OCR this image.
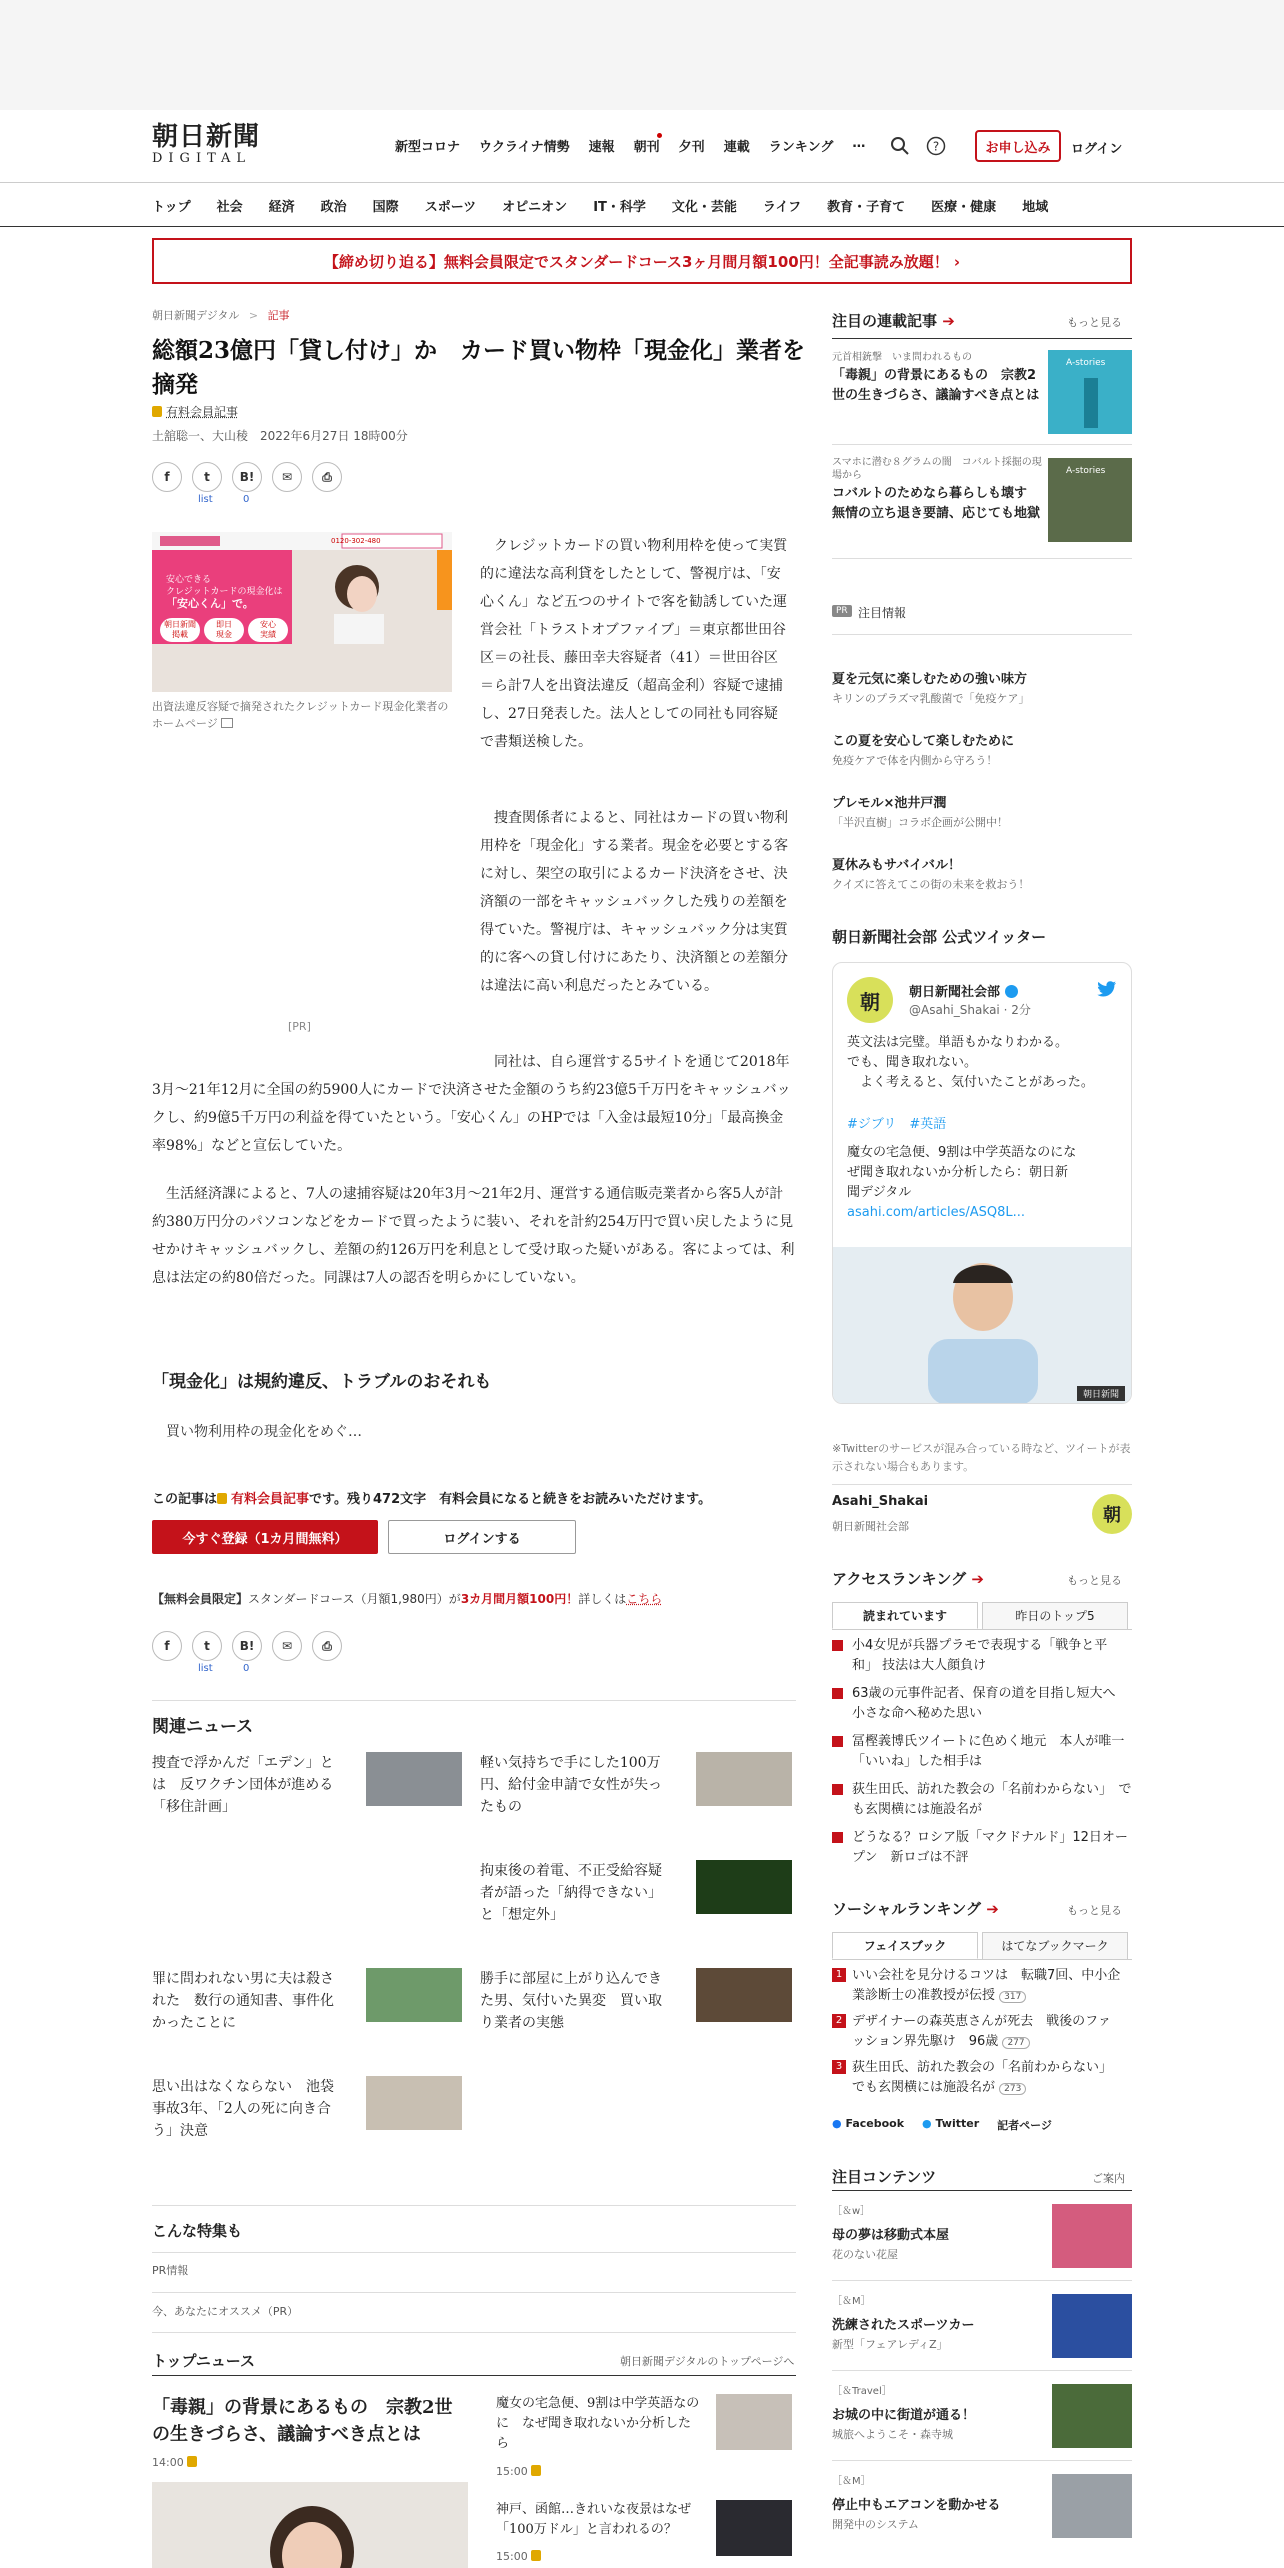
朝日新聞
DIGITAL
新型コロナ ウクライナ情勢 速報 朝刊 夕刊 連載 ランキング …	?	お申し込み	ログイン
トップ 社会 経済 政治 国際 スポーツ オピニオン IT・科学 文化・芸能 ライフ 教育・子育て 医療・健康 地域
【締め切り迫る】無料会員限定でスタンダードコース3ヶ月間月額100円！全記事読み放題！ ›
朝日新聞デジタル > 記事
総額23億円「貸し付け」か　カード買い物枠「現金化」業者を摘発
有料会員記事
土舘聡一、大山稜　2022年6月27日 18時00分
f	t	B!	✉	⎙
list	0
安心できる
クレジットカードの現金化は
「安心くん」で。
朝日新聞
掲載
即日
現金
安心
実績
0120-302-480
出資法違反容疑で摘発されたクレジットカード現金化業者のホームページ
[PR]
　クレジットカードの買い物利用枠を使って実質的に違法な高利貸をしたとして、警視庁は、「安心くん」など五つのサイトで客を勧誘していた運営会社「トラストオブファイブ」＝東京都世田谷区＝の社長、藤田幸夫容疑者（41）＝世田谷区＝ら計7人を出資法違反（超高金利）容疑で逮捕し、27日発表した。法人としての同社も同容疑で書類送検した。
　捜査関係者によると、同社はカードの買い物利用枠を「現金化」する業者。現金を必要とする客に対し、架空の取引によるカード決済をさせ、決済額の一部をキャッシュバックした残りの差額を得ていた。警視庁は、キャッシュバック分は実質的に客への貸し付けにあたり、決済額との差額分は違法に高い利息だったとみている。
　同社は、自ら運営する5サイトを通じて2018年3月～21年12月に全国の約5900人にカードで決済させた金額のうち約23億5千万円をキャッシュバックし、約9億5千万円の利益を得ていたという。「安心くん」のHPでは「入金は最短10分」「最高換金率98%」などと宣伝していた。
　生活経済課によると、7人の逮捕容疑は20年3月～21年2月、運営する通信販売業者から客5人が計約380万円分のパソコンなどをカードで買ったように装い、それを計約254万円で買い戻したように見せかけキャッシュバックし、差額の約126万円を利息として受け取った疑いがある。客によっては、利息は法定の約80倍だった。同課は7人の認否を明らかにしていない。
「現金化」は規約違反、トラブルのおそれも
　買い物利用枠の現金化をめぐ…
この記事は 有料会員記事です。残り472文字　有料会員になると続きをお読みいただけます。
今すぐ登録（1カ月間無料）	ログインする
【無料会員限定】スタンダードコース（月額1,980円）が3カ月間月額100円！詳しくはこちら
f	t	B!	✉	⎙
list	0
関連ニュース
捜査で浮かんだ「エデン」とは　反ワクチン団体が進める「移住計画」
軽い気持ちで手にした100万円、給付金申請で女性が失ったもの
拘束後の着電、不正受給容疑者が語った「納得できない」と「想定外」
罪に問われない男に夫は殺された　数行の通知書、事件化かったことに
勝手に部屋に上がり込んできた男、気付いた異変　買い取り業者の実態
思い出はなくならない　池袋事故3年、「2人の死に向き合う」決意
こんな特集も
PR情報
今、あなたにオススメ（PR）
トップニュース	朝日新聞デジタルのトップページへ
「毒親」の背景にあるもの　宗教2世の生きづらさ、議論すべき点とは
14:00
魔女の宅急便、9割は中学英語なのに　なぜ聞き取れないか分析したら
15:00
神戸、函館…きれいな夜景はなぜ「100万ドル」と言われるの？
15:00
注目の連載記事 ➔	もっと見る
元首相銃撃　いま問われるもの
「毒親」の背景にあるもの　宗教2世の生きづらさ、議論すべき点とは
A-stories
スマホに潜む８グラムの闇　コバルト採掘の現場から
コバルトのためなら暮らしも壊す　無情の立ち退き要請、応じても地獄
A-stories
PR 注目情報
夏を元気に楽しむための強い味方
キリンのプラズマ乳酸菌で「免疫ケア」
この夏を安心して楽しむために
免疫ケアで体を内側から守ろう！
プレモル×池井戸潤
「半沢直樹」コラボ企画が公開中！
夏休みもサバイバル！
クイズに答えてこの街の未来を救おう！
朝日新聞社会部 公式ツイッター
朝	朝日新聞社会部
@Asahi_Shakai · 2分
英文法は完璧。単語もかなりわかる。
でも、聞き取れない。
　よく考えると、気付いたことがあった。
#ジブリ　#英語
魔女の宅急便、9割は中学英語なのになぜ聞き取れないか分析したら：朝日新聞デジタル
asahi.com/articles/ASQ8L...
朝日新聞
※Twitterのサービスが混み合っている時など、ツイートが表示されない場合もあります。
Asahi_Shakai
朝日新聞社会部
朝
アクセスランキング ➔	もっと見る
読まれています	昨日のトップ5
小4女児が兵器プラモで表現する「戦争と平和」 技法は大人顔負け
63歳の元事件記者、保育の道を目指し短大へ　小さな命へ秘めた思い
冨樫義博氏ツイートに色めく地元　本人が唯一「いいね」した相手は
荻生田氏、訪れた教会の「名前わからない」　でも玄関横には施設名が
どうなる？ロシア版「マクドナルド」12日オープン　新ロゴは不評
ソーシャルランキング ➔	もっと見る
フェイスブック	はてなブックマーク
1 いい会社を見分けるコツは　転職7回、中小企業診断士の准教授が伝授 317
2 デザイナーの森英恵さんが死去　戦後のファッション界先駆け　96歳 277
3 荻生田氏、訪れた教会の「名前わからない」　でも玄関横には施設名が 273
● Facebook ● Twitter 記者ページ
注目コンテンツ	ご案内
［＆w］
母の夢は移動式本屋
花のない花屋
［＆M］
洗練されたスポーツカー
新型「フェアレディZ」
［＆Travel］
お城の中に街道が通る！
城旅へようこそ・森寺城
［＆M］
停止中もエアコンを動かせる
開発中のシステム
